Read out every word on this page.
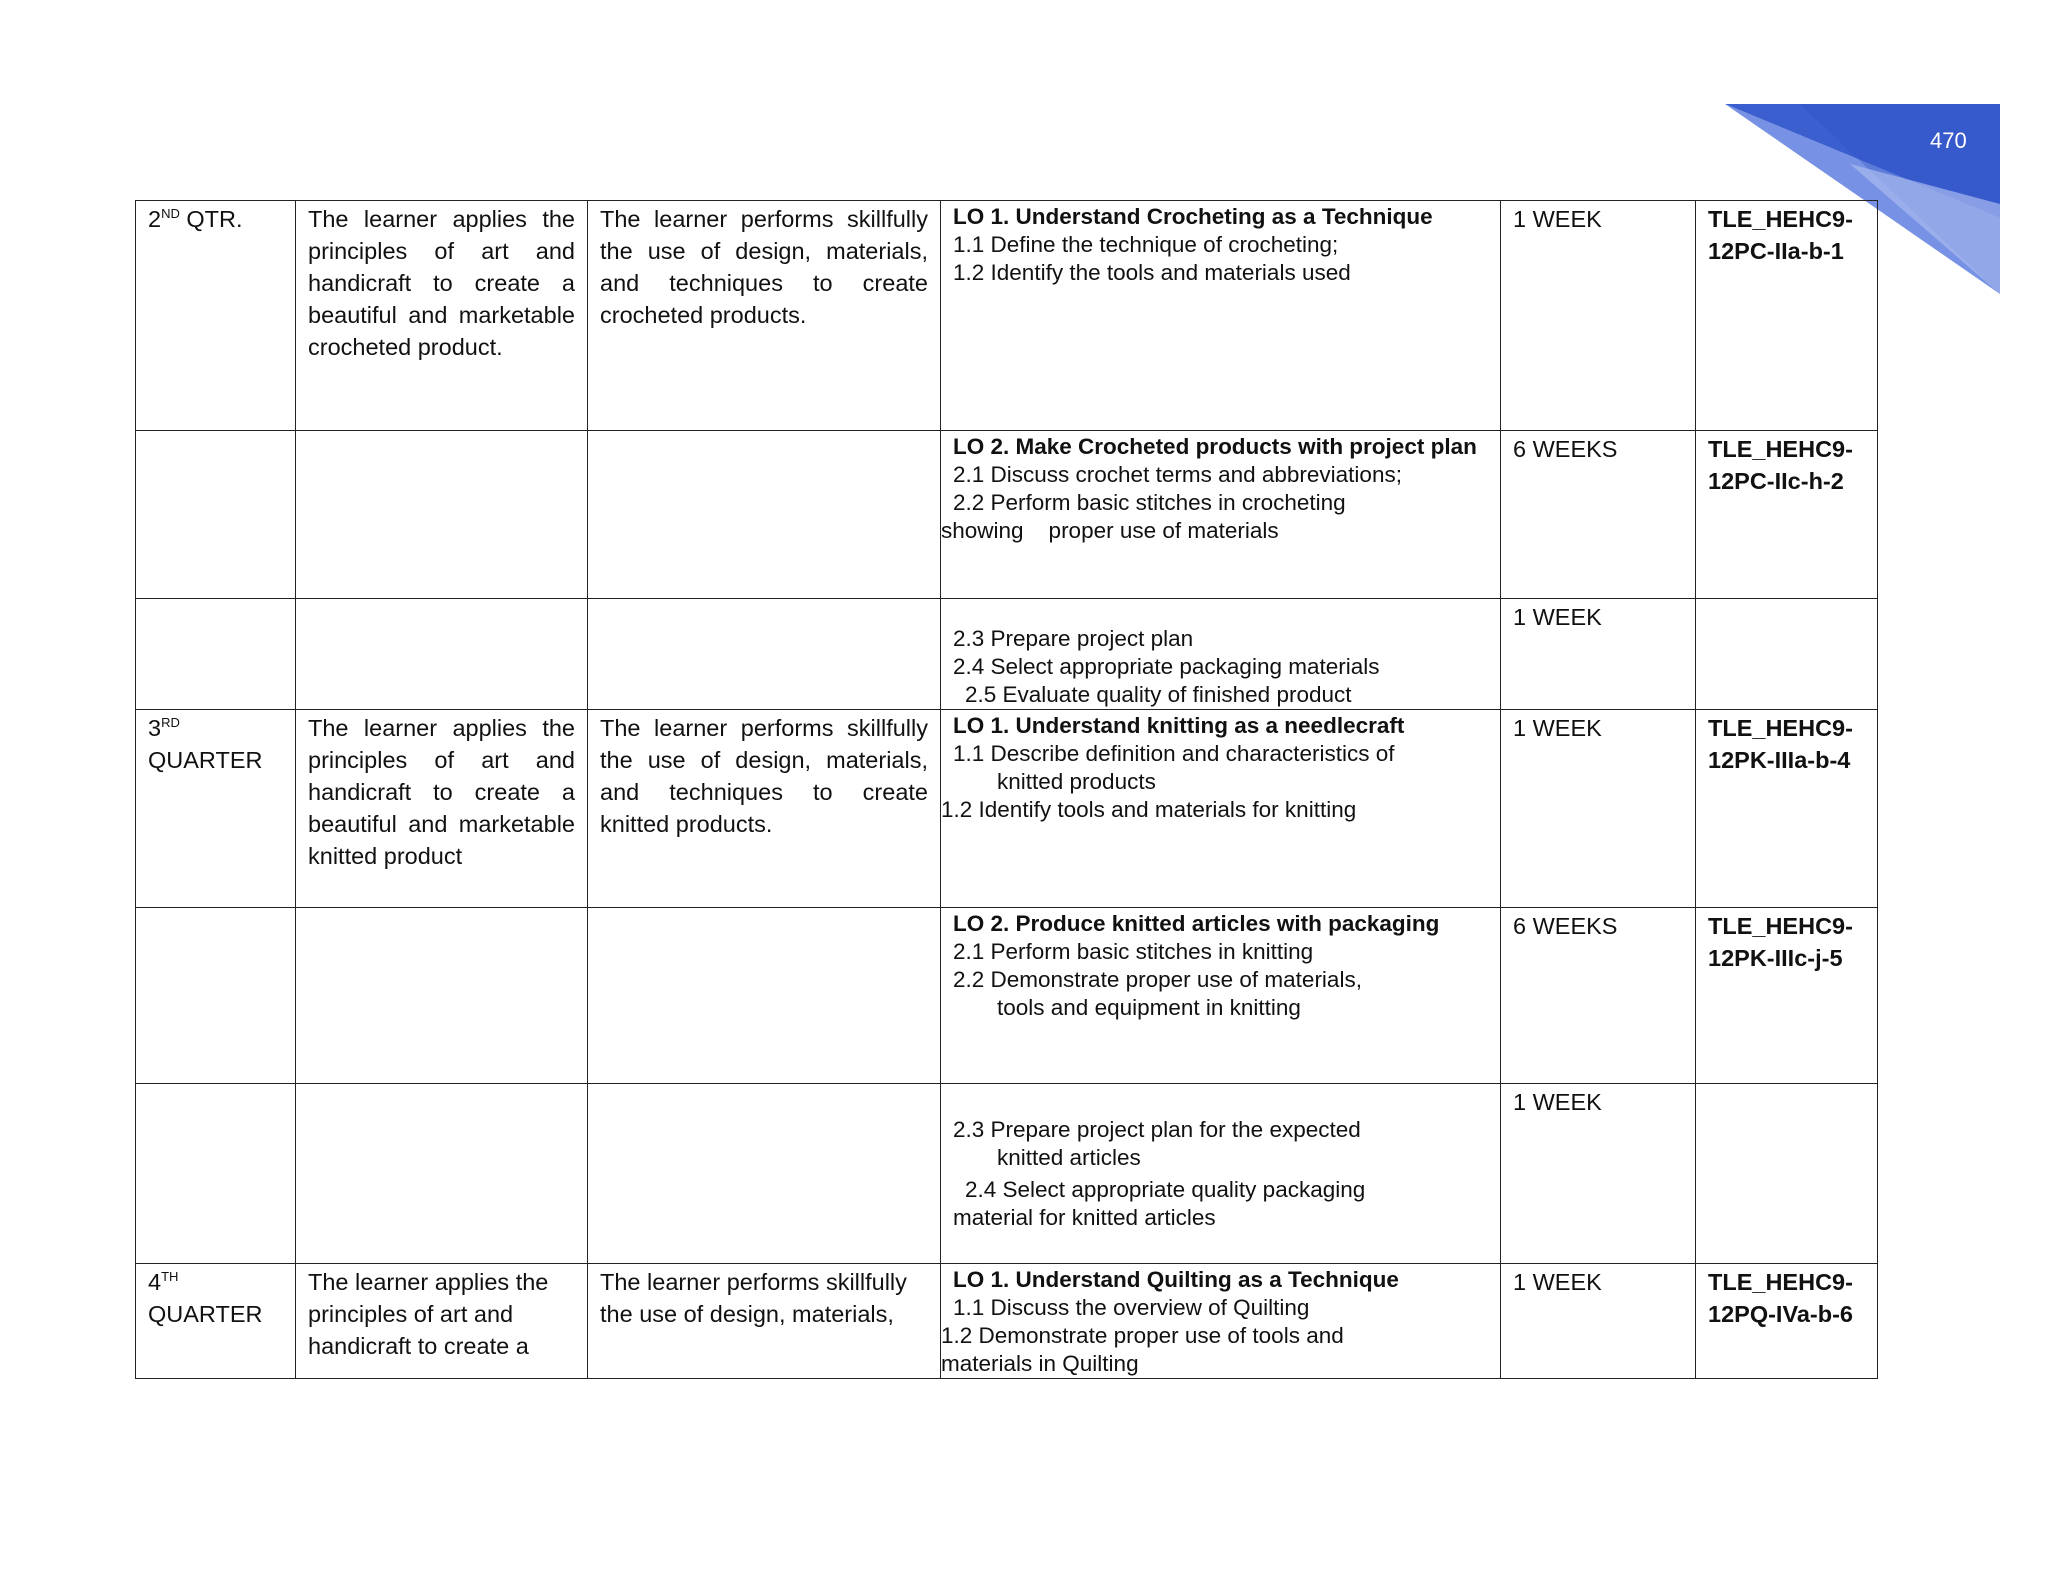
470
2ND QTR.	The learner applies the principles of art and handicraft to create a beautiful and marketable crocheted product.	The learner performs skillfully the use of design, materials, and techniques to create crocheted products.	LO 1. Understand Crocheting as a Technique
1.1 Define the technique of crocheting;
1.2 Identify the tools and materials used	1 WEEK	TLE_HEHC9-12PC-IIa-b-1

			LO 2. Make Crocheted products with project plan
2.1 Discuss crochet terms and abbreviations;
2.2 Perform basic stitches in crocheting
showing    proper use of materials	6 WEEKS	TLE_HEHC9-12PC-IIc-h-2

			2.3 Prepare project plan
2.4 Select appropriate packaging materials
2.5 Evaluate quality of finished product	1 WEEK	
3RD
QUARTER	The learner applies the principles of art and handicraft to create a beautiful and marketable knitted product	The learner performs skillfully the use of design, materials, and techniques to create knitted products.	LO 1. Understand knitting as a needlecraft
1.1 Describe definition and characteristics of
knitted products
1.2 Identify tools and materials for knitting	1 WEEK	TLE_HEHC9-12PK-IIIa-b-4

			LO 2. Produce knitted articles with packaging
2.1 Perform basic stitches in knitting
2.2 Demonstrate proper use of materials,
tools and equipment in knitting	6 WEEKS	TLE_HEHC9-12PK-IIIc-j-5

			2.3 Prepare project plan for the expected
knitted articles
2.4 Select appropriate quality packaging
material for knitted articles	1 WEEK	
4TH
QUARTER	The learner applies the principles of art and handicraft to create a	The learner performs skillfully the use of design, materials,	LO 1. Understand Quilting as a Technique
1.1 Discuss the overview of Quilting
1.2 Demonstrate proper use of tools and
materials in Quilting	1 WEEK	TLE_HEHC9-12PQ-IVa-b-6
